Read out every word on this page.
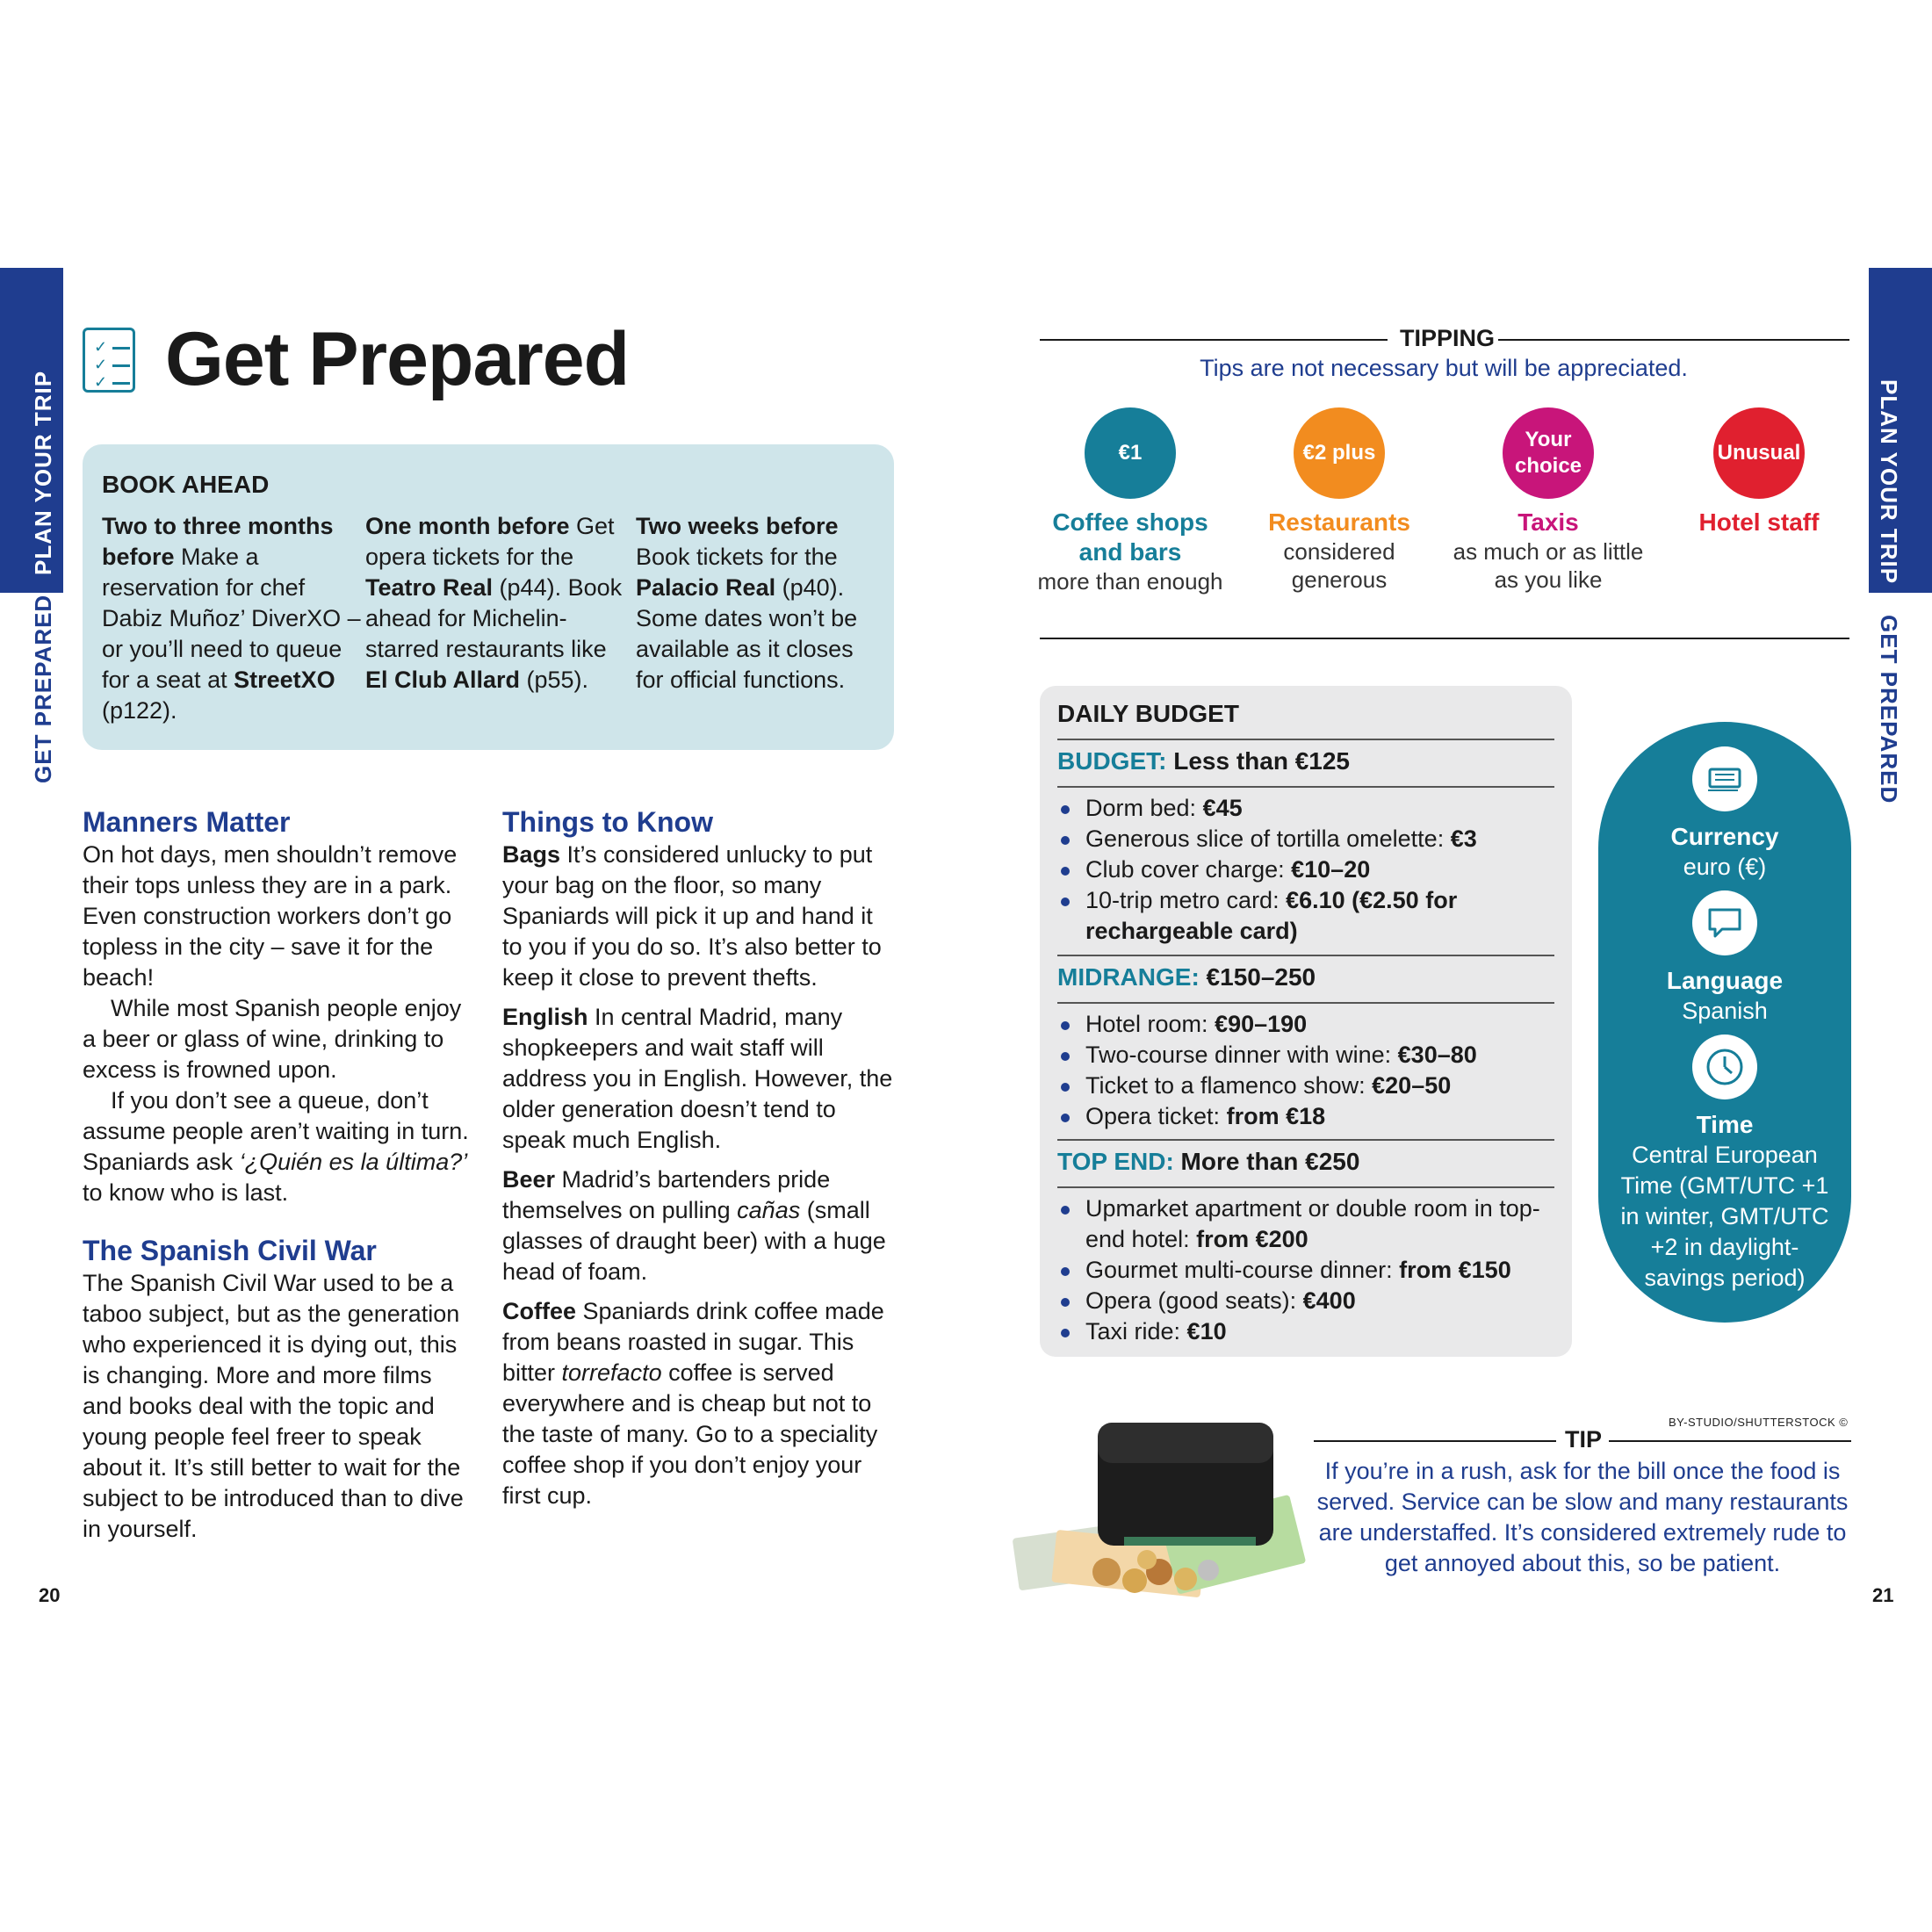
PLAN YOUR TRIP
GET PREPARED
PLAN YOUR TRIP
GET PREPARED
20	21
✓
✓
✓ Get Prepared
BOOK AHEAD
Two to three months before Make a reservation for chef Dabiz Muñoz’ DiverXO – or you’ll need to queue for a seat at StreetXO (p122).
One month before Get opera tickets for the Teatro Real (p44). Book ahead for Michelin-starred restaurants like El Club Allard (p55).
Two weeks before Book tickets for the Palacio Real (p40). Some dates won’t be available as it closes for official functions.
Manners Matter

On hot days, men shouldn’t remove their tops unless they are in a park. Even construction workers don’t go topless in the city – save it for the beach!

While most Spanish people enjoy a beer or glass of wine, drinking to excess is frowned upon.

If you don’t see a queue, don’t assume people aren’t waiting in turn. Spaniards ask ‘¿Quién es la última?’ to know who is last.

The Spanish Civil War

The Spanish Civil War used to be a taboo subject, but as the generation who experienced it is dying out, this is changing. More and more films and books deal with the topic and young people feel freer to speak about it. It’s still better to wait for the subject to be introduced than to dive in yourself.

Things to Know

Bags It’s considered unlucky to put your bag on the floor, so many Spaniards will pick it up and hand it to you if you do so. It’s also better to keep it close to prevent thefts.

English In central Madrid, many shopkeepers and wait staff will address you in English. However, the older generation doesn’t tend to speak much English.

Beer Madrid’s bartenders pride themselves on pulling cañas (small glasses of draught beer) with a huge head of foam.

Coffee Spaniards drink coffee made from beans roasted in sugar. This bitter torrefacto coffee is served everywhere and is cheap but not to the taste of many. Go to a speciality coffee shop if you don’t enjoy your first cup.

TIPPING
Tips are not necessary but will be appreciated.
€1
Coffee shops and bars
more than enough
€2 plus
Restaurants
considered generous
Your choice
Taxis
as much or as little as you like
Unusual
Hotel staff
DAILY BUDGET
BUDGET: Less than €125
Dorm bed: €45
Generous slice of tortilla omelette: €3
Club cover charge: €10–20
10-trip metro card: €6.10 (€2.50 for rechargeable card)
MIDRANGE: €150–250
Hotel room: €90–190
Two-course dinner with wine: €30–80
Ticket to a flamenco show: €20–50
Opera ticket: from €18
TOP END: More than €250
Upmarket apartment or double room in top-end hotel: from €200
Gourmet multi-course dinner: from €150
Opera (good seats): €400
Taxi ride: €10
Currency
euro (€)
Language
Spanish
Time
Central European Time (GMT/UTC +1 in winter, GMT/UTC +2 in daylight-savings period)
BY-STUDIO/SHUTTERSTOCK ©
TIP
If you’re in a rush, ask for the bill once the food is served. Service can be slow and many restaurants are understaffed. It’s considered extremely rude to get annoyed about this, so be patient.
